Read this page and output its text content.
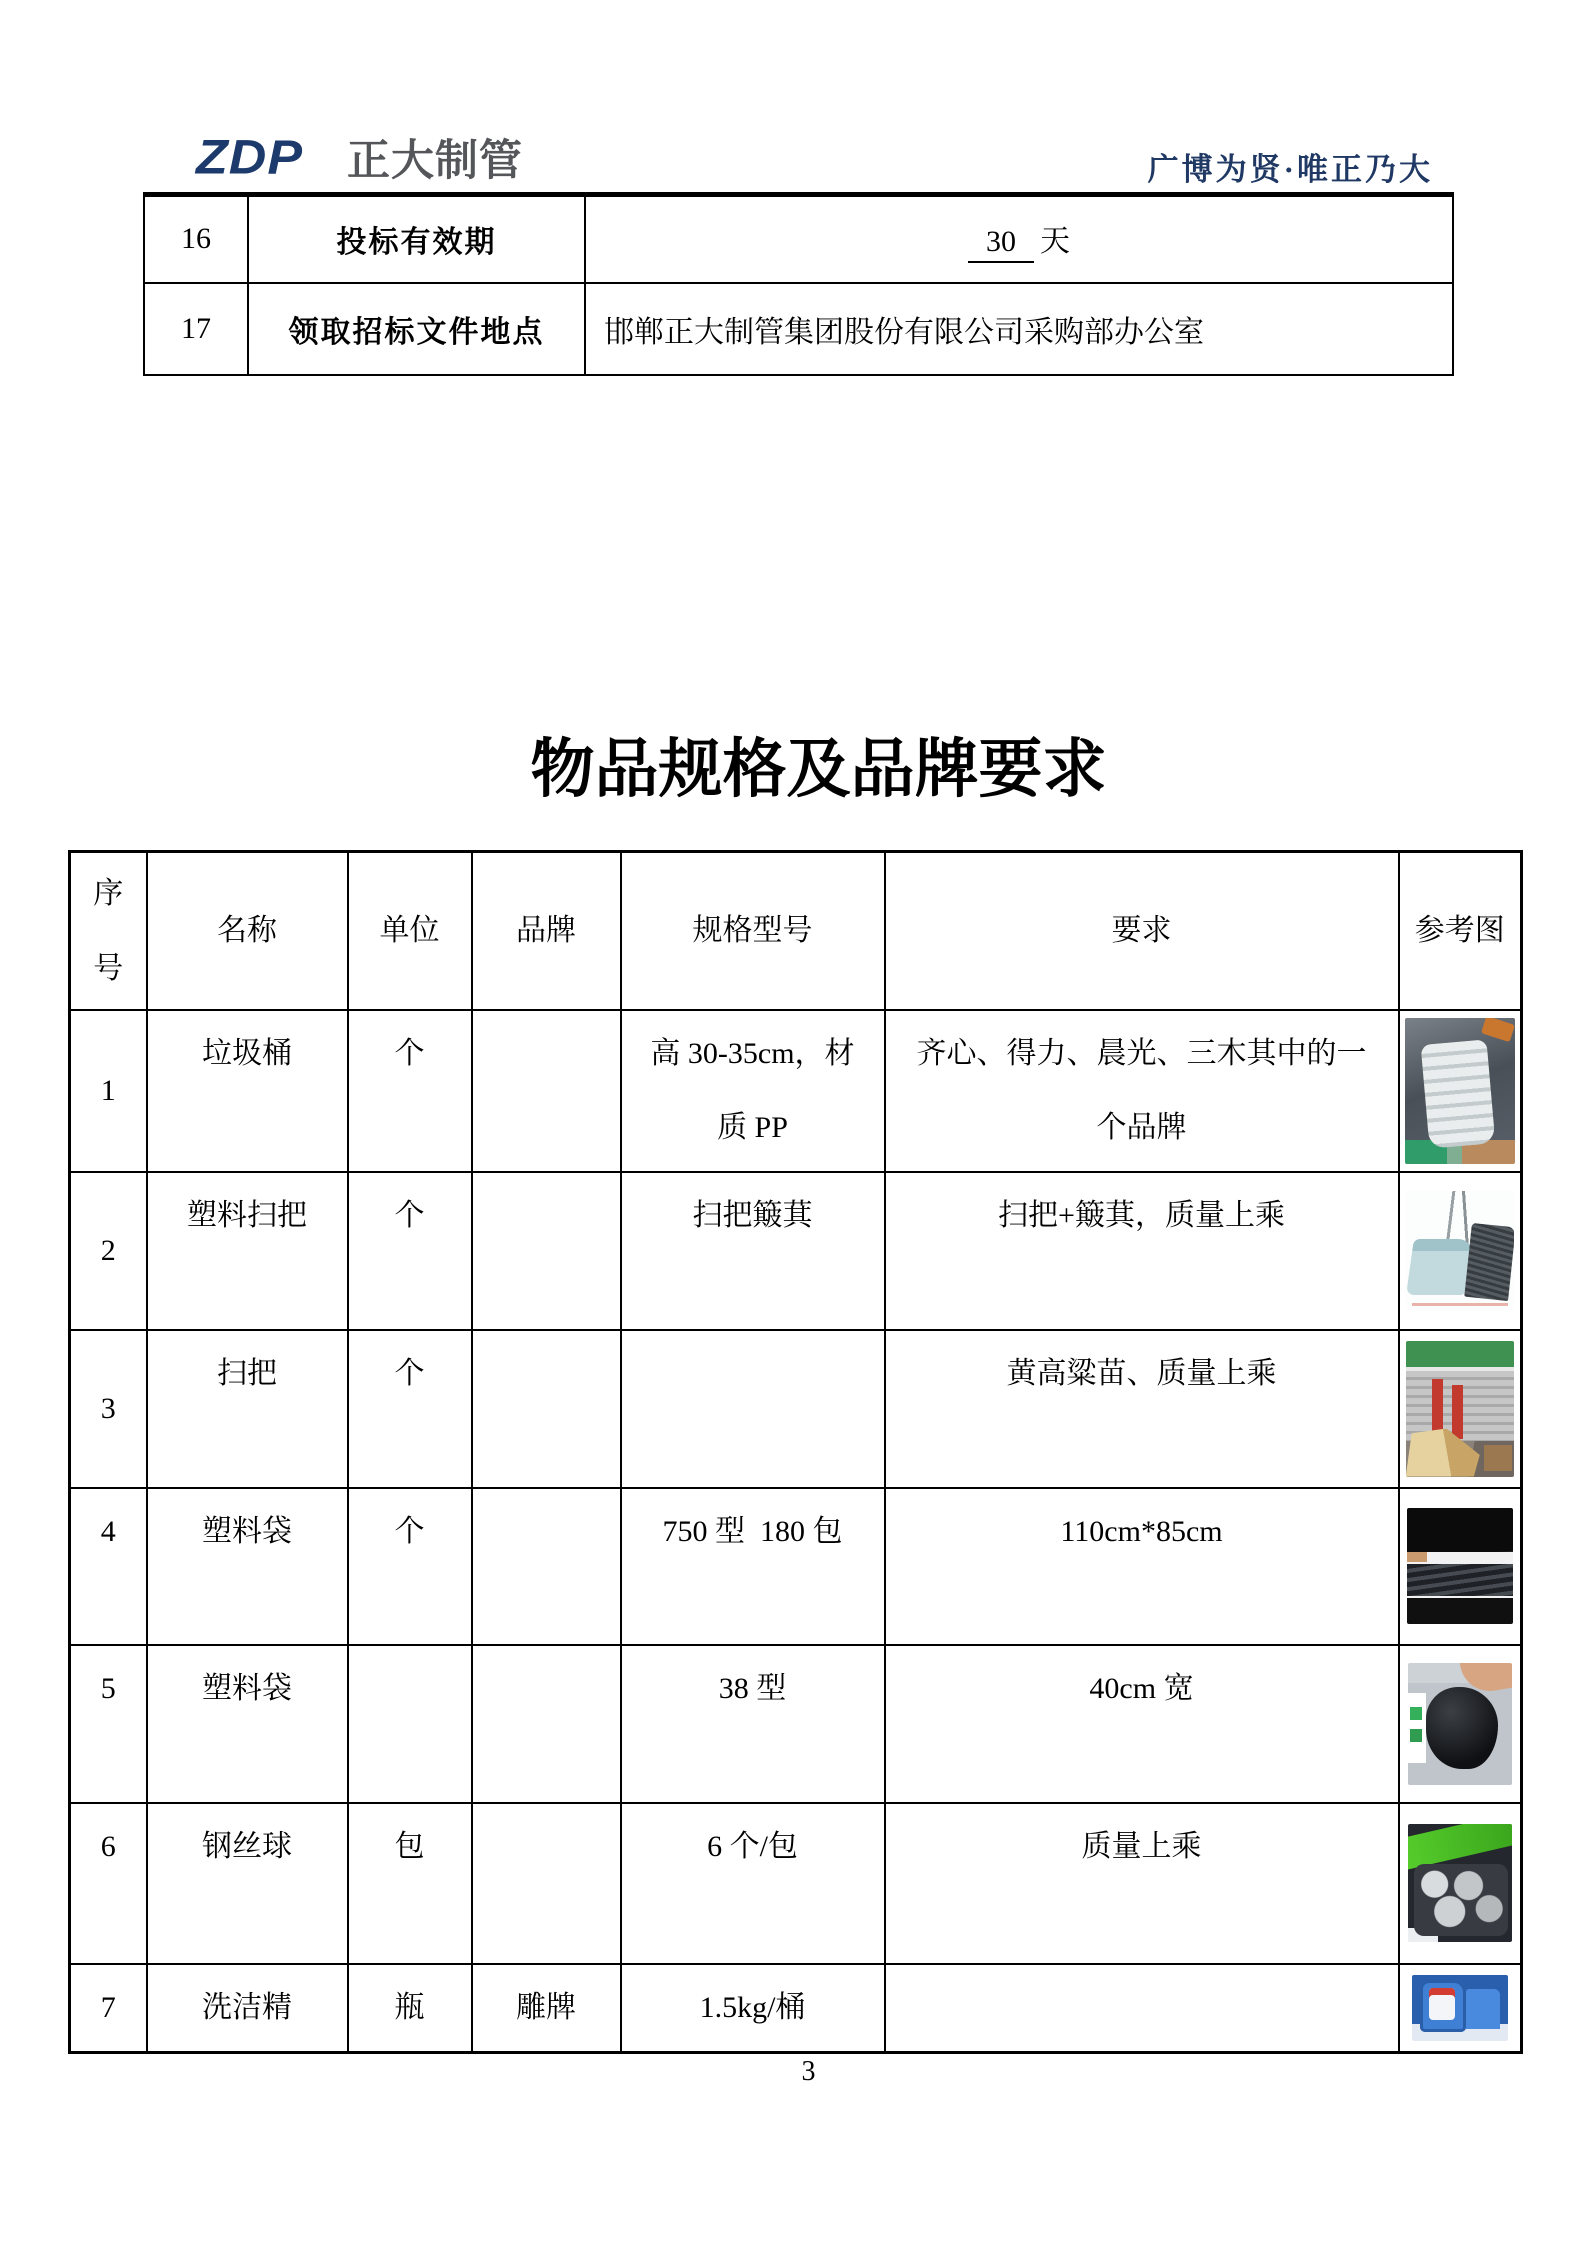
ZDP 正大制管	广博为贤·唯正乃大
16	投标有效期	30 天
17	领取招标文件地点	邯郸正大制管集团股份有限公司采购部办公室
物品规格及品牌要求
序号	名称	单位	品牌	规格型号	要求	参考图
1	垃圾桶	个		高 30-35cm，材质 PP	齐心、得力、晨光、三木其中的一个品牌	

2	塑料扫把	个		扫把簸萁	扫把+簸萁，质量上乘	

3	扫把	个			黄高粱苗、质量上乘	

4	塑料袋	个		750 型  180 包	110cm*85cm	

5	塑料袋			38 型	40cm 宽	

6	钢丝球	包		6 个/包	质量上乘	

7	洗洁精	瓶	雕牌	1.5kg/桶		
3
